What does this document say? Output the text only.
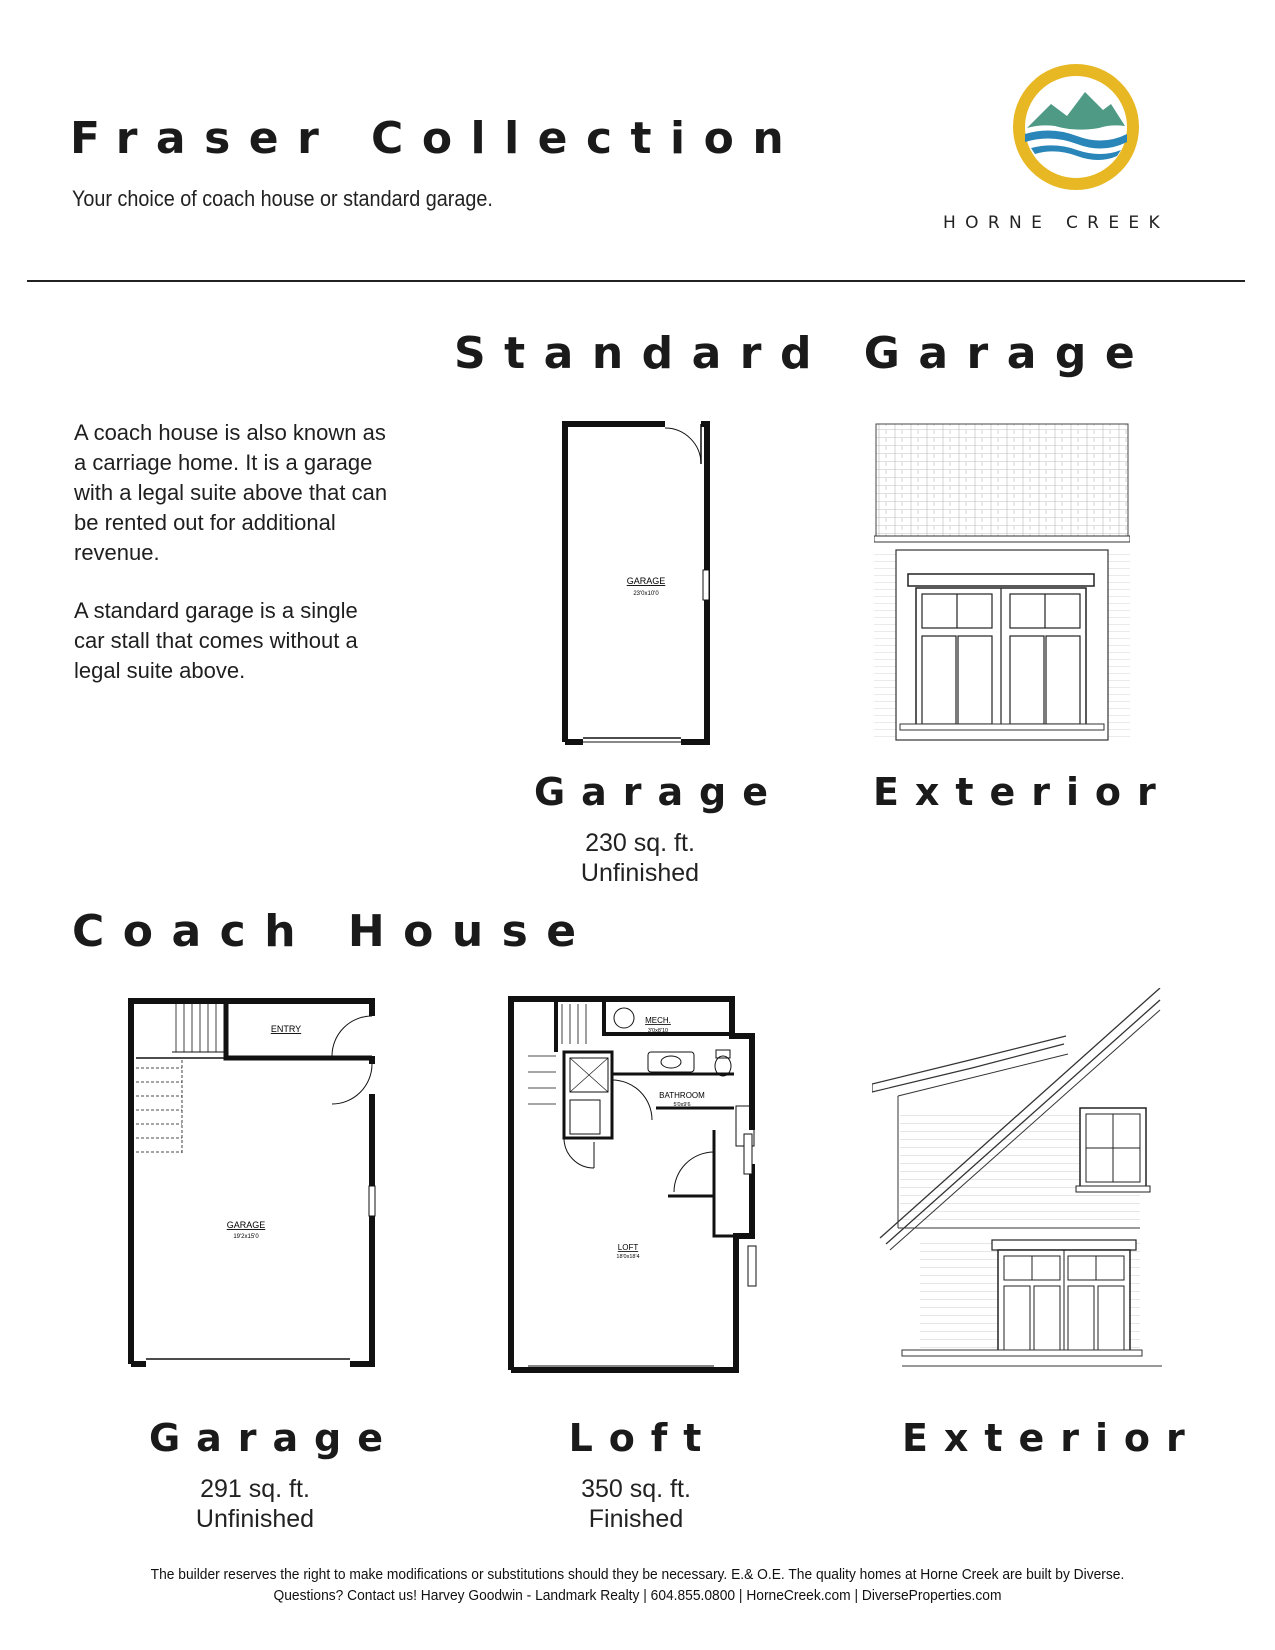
Fraser Collection
Your choice of coach house or standard garage.
HORNE CREEK
Standard Garage

A coach house is also known as a carriage home. It is a garage with a legal suite above that can be rented out for additional revenue.

A standard garage is a single car stall that comes without a legal suite above.

GARAGE
23'0x10'0
Garage
230 sq. ft.
Unfinished
Exterior
Coach House
ENTRY
GARAGE
19'2x15'0
MECH.
3'0x8'10
BATHROOM
5'0x9'6
LOFT
18'0x18'4
Garage
291 sq. ft.
Unfinished
Loft
350 sq. ft.
Finished
Exterior
The builder reserves the right to make modifications or substitutions should they be necessary. E.& O.E. The quality homes at Horne Creek are built by Diverse.
Questions? Contact us! Harvey Goodwin - Landmark Realty | 604.855.0800 | HorneCreek.com | DiverseProperties.com
